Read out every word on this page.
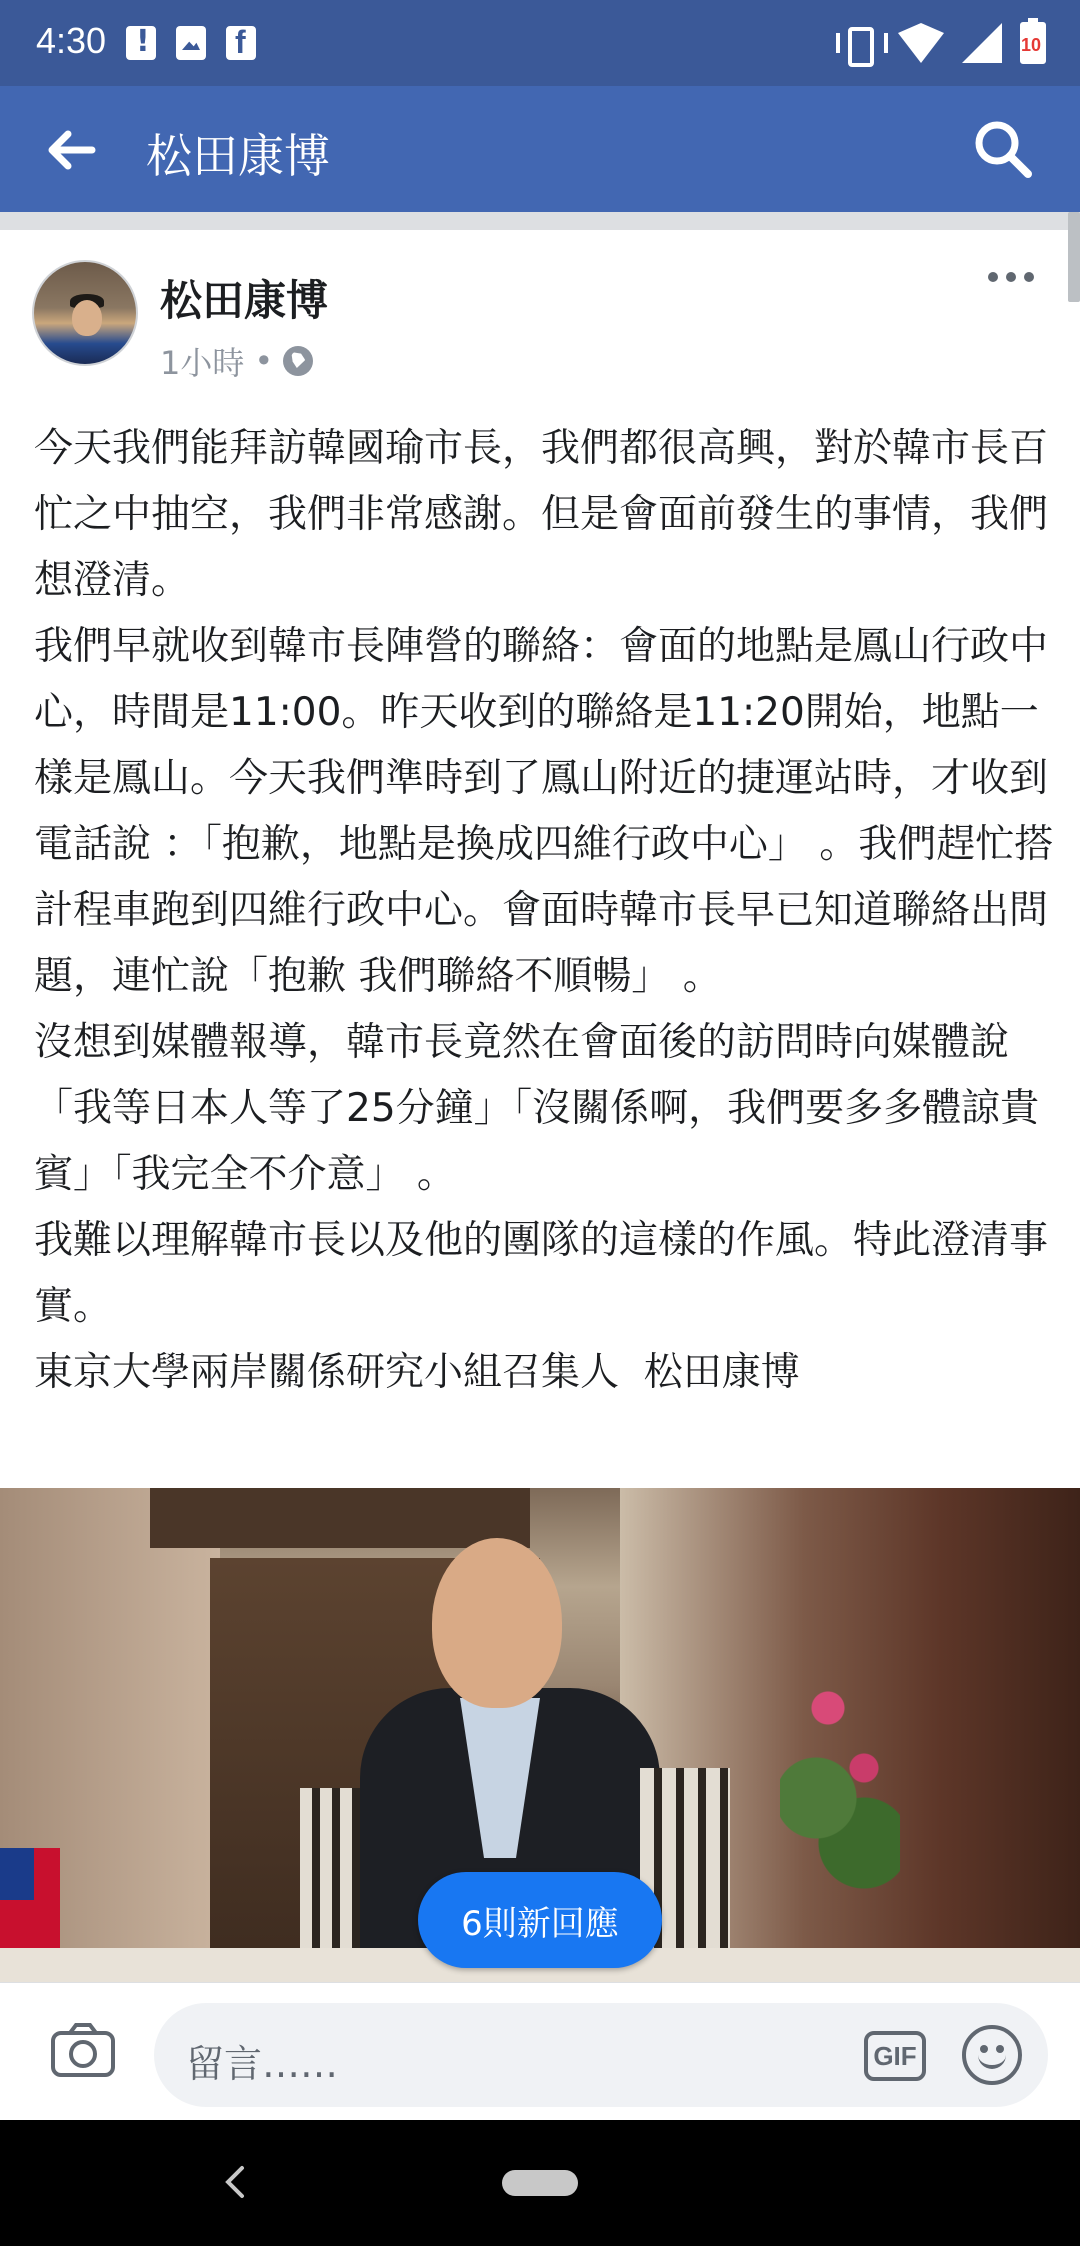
4:30 ! f	10
松田康博
松田康博
1小時 •

今天我們能拜訪韓國瑜市長，我們都很高興，對於韓市長百忙之中抽空，我們非常感謝。但是會面前發生的事情，我們想澄清。

我們早就收到韓市長陣營的聯絡：會面的地點是鳳山行政中心，時間是11:00。昨天收到的聯絡是11:20開始，地點一樣是鳳山。今天我們準時到了鳳山附近的捷運站時，才收到電話說 ：「抱歉，地點是換成四維行政中心」 。我們趕忙搭計程車跑到四維行政中心。會面時韓市長早已知道聯絡出問題，連忙說「抱歉 我們聯絡不順暢」 。

沒想到媒體報導，韓市長竟然在會面後的訪問時向媒體說「我等日本人等了25分鐘」「沒關係啊，我們要多多體諒貴賓」「我完全不介意」 。

我難以理解韓市長以及他的團隊的這樣的作風。特此澄清事實。

東京大學兩岸關係研究小組召集人  松田康博

6則新回應
留言……	GIF
